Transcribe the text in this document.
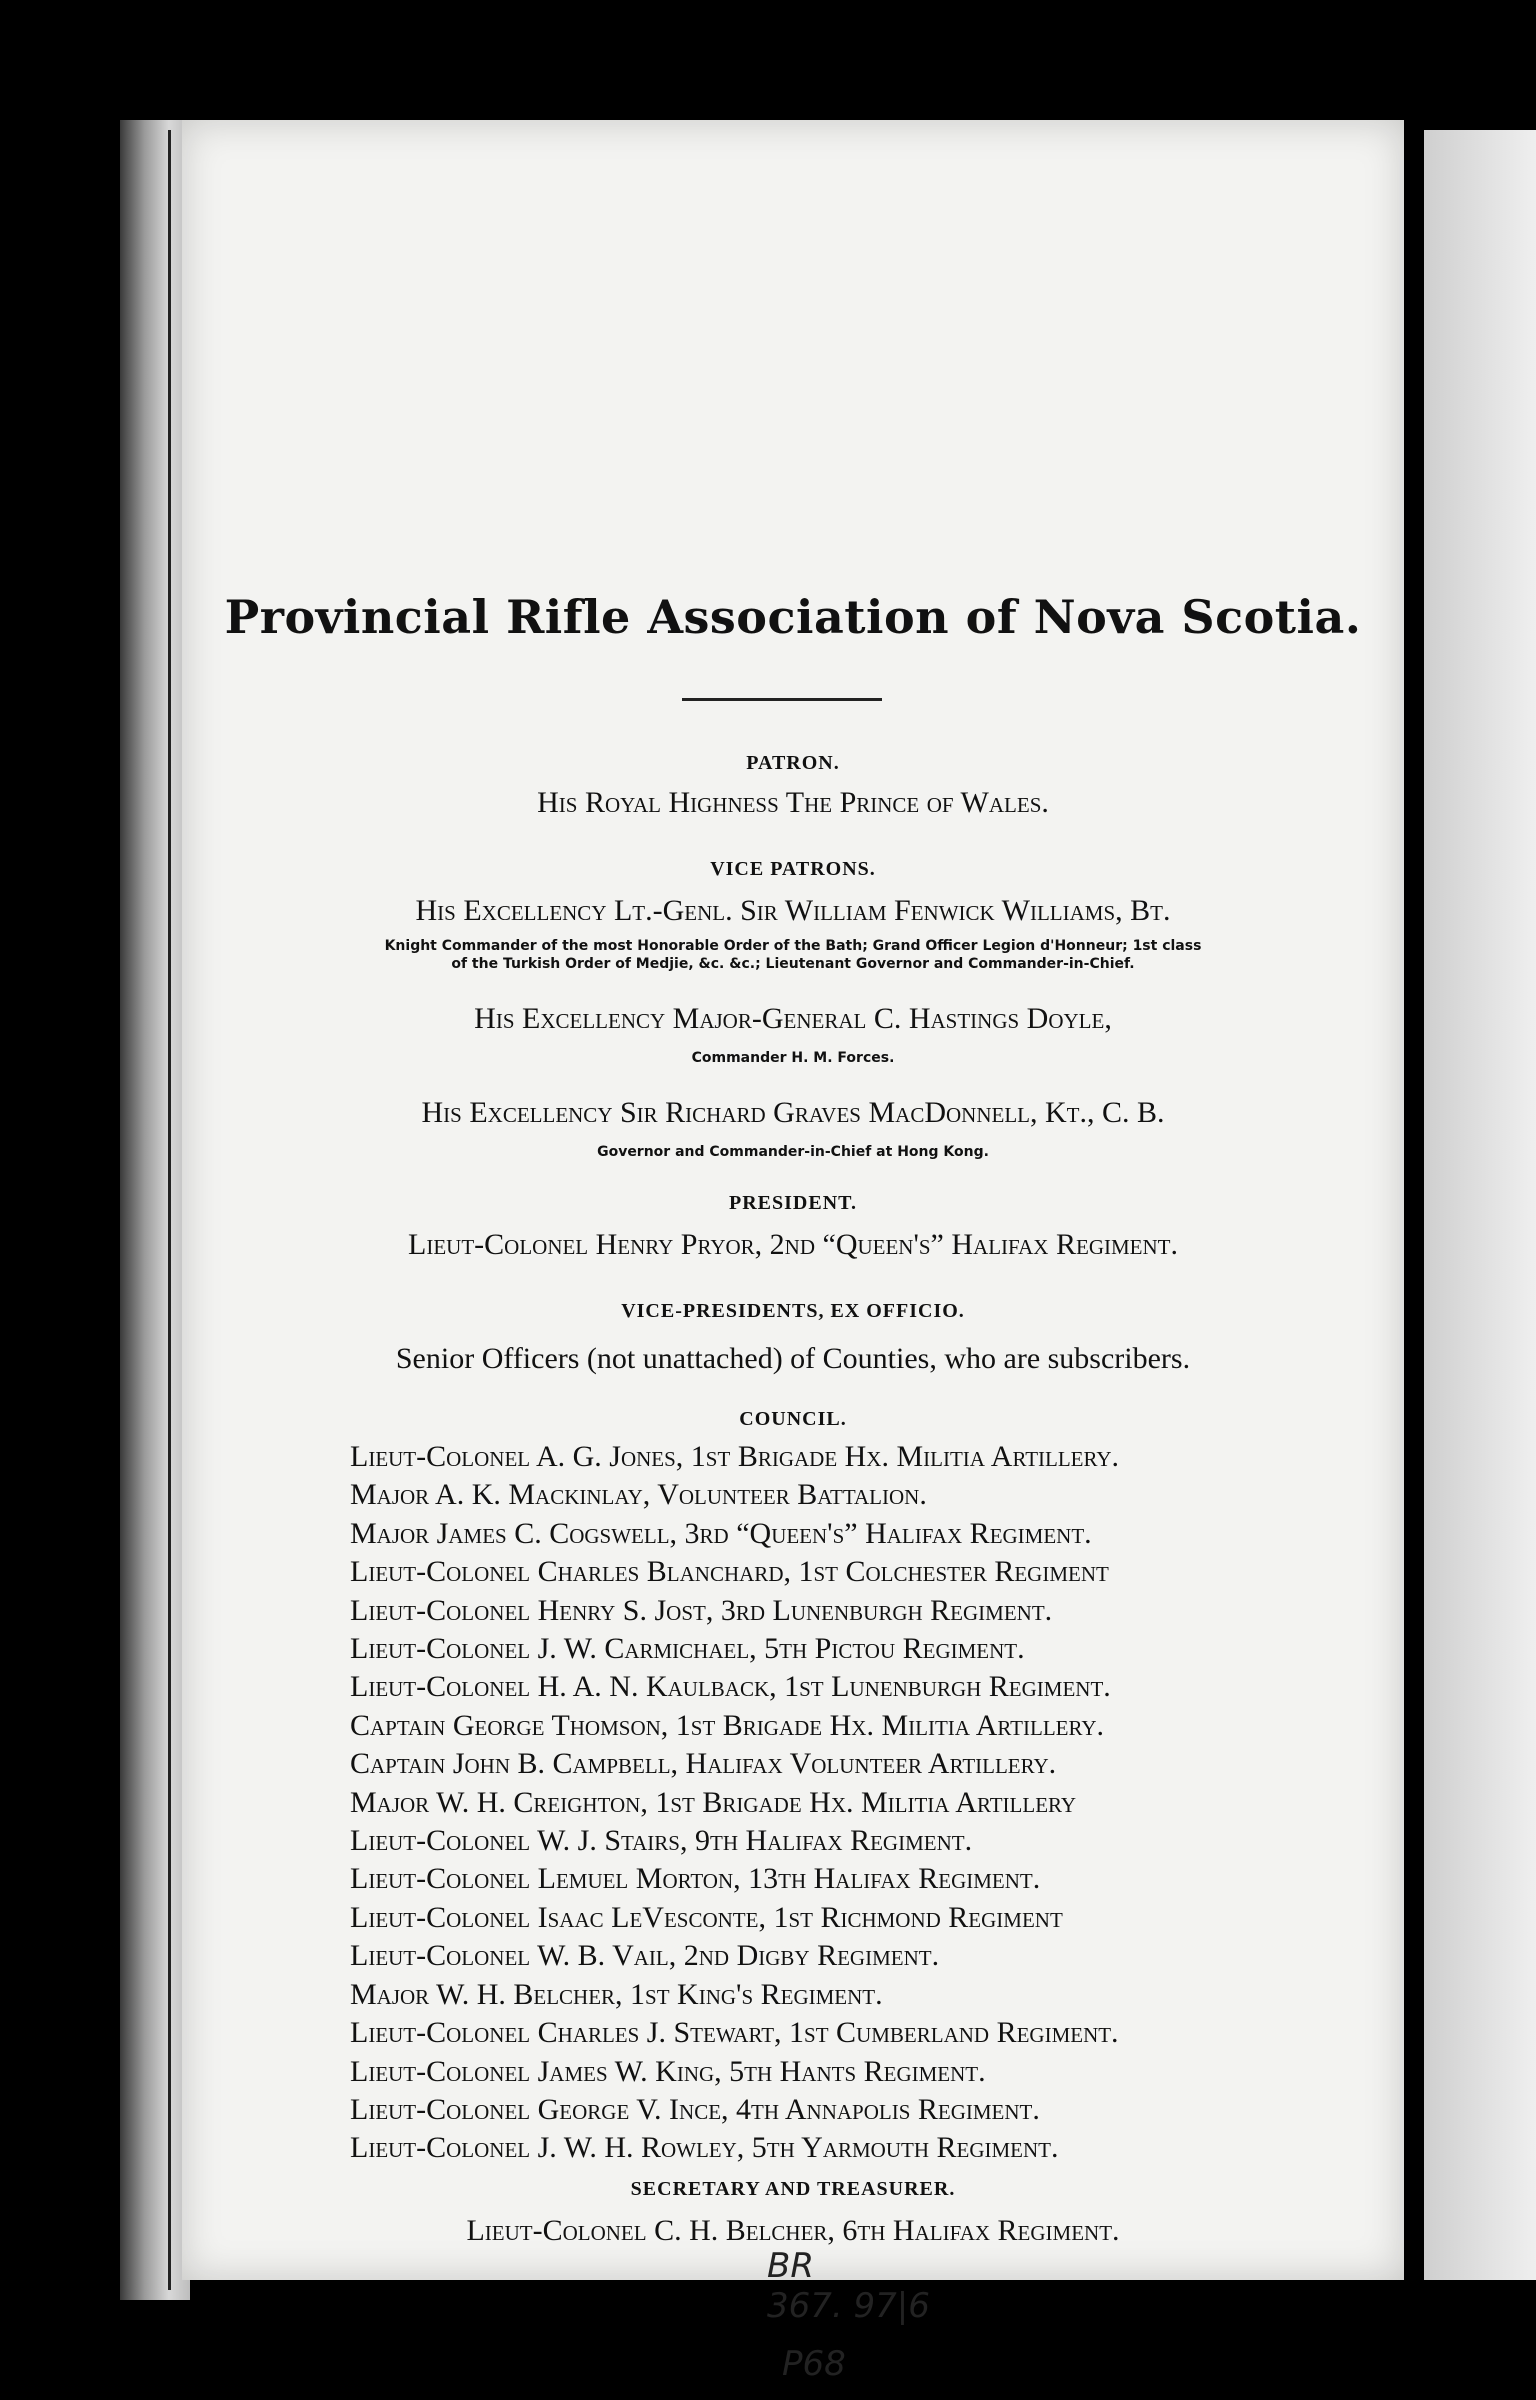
Provincial Rifle Association of Nova Scotia.
PATRON.
His Royal Highness The Prince of Wales.
VICE PATRONS.
His Excellency Lt.-Genl. Sir William Fenwick Williams, Bt.
Knight Commander of the most Honorable Order of the Bath; Grand Officer Legion d'Honneur; 1st class
of the Turkish Order of Medjie, &c. &c.; Lieutenant Governor and Commander-in-Chief.
His Excellency Major-General C. Hastings Doyle,
Commander H. M. Forces.
His Excellency Sir Richard Graves MacDonnell, Kt., C. B.
Governor and Commander-in-Chief at Hong Kong.
PRESIDENT.
Lieut-Colonel Henry Pryor, 2nd “Queen's” Halifax Regiment.
VICE-PRESIDENTS, EX OFFICIO.
Senior Officers (not unattached) of Counties, who are subscribers.
COUNCIL.
Lieut-Colonel A. G. Jones, 1st Brigade Hx. Militia Artillery.
Major A. K. Mackinlay, Volunteer Battalion.
Major James C. Cogswell, 3rd “Queen's” Halifax Regiment.
Lieut-Colonel Charles Blanchard, 1st Colchester Regiment
Lieut-Colonel Henry S. Jost, 3rd Lunenburgh Regiment.
Lieut-Colonel J. W. Carmichael, 5th Pictou Regiment.
Lieut-Colonel H. A. N. Kaulback, 1st Lunenburgh Regiment.
Captain George Thomson, 1st Brigade Hx. Militia Artillery.
Captain John B. Campbell, Halifax Volunteer Artillery.
Major W. H. Creighton, 1st Brigade Hx. Militia Artillery
Lieut-Colonel W. J. Stairs, 9th Halifax Regiment.
Lieut-Colonel Lemuel Morton, 13th Halifax Regiment.
Lieut-Colonel Isaac LeVesconte, 1st Richmond Regiment
Lieut-Colonel W. B. Vail, 2nd Digby Regiment.
Major W. H. Belcher, 1st King's Regiment.
Lieut-Colonel Charles J. Stewart, 1st Cumberland Regiment.
Lieut-Colonel James W. King, 5th Hants Regiment.
Lieut-Colonel George V. Ince, 4th Annapolis Regiment.
Lieut-Colonel J. W. H. Rowley, 5th Yarmouth Regiment.
SECRETARY AND TREASURER.
Lieut-Colonel C. H. Belcher, 6th Halifax Regiment.
BR
367. 97|6
P68
